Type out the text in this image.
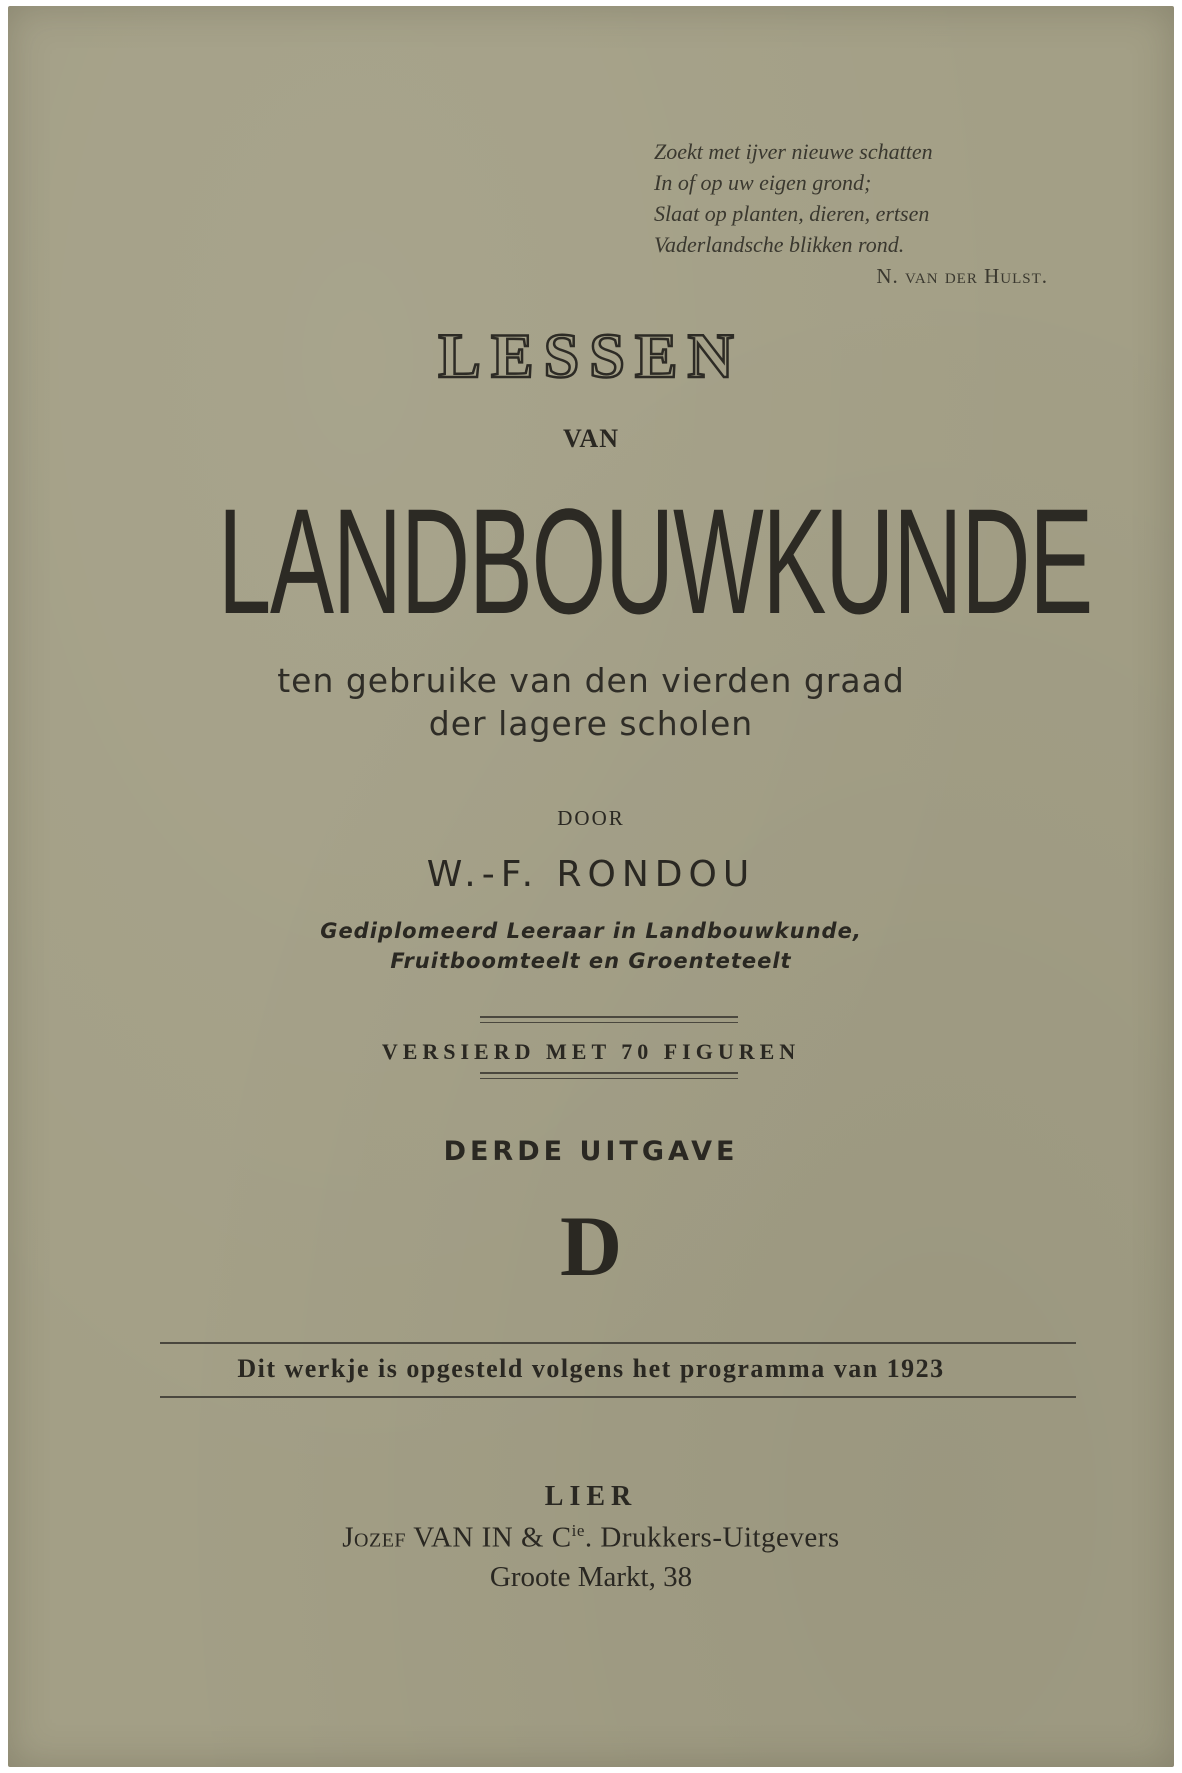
Zoekt met ijver nieuwe schatten
In of op uw eigen grond;
Slaat op planten, dieren, ertsen
Vaderlandsche blikken rond.
N. van der Hulst.
LESSEN
VAN
LANDBOUWKUNDE
ten gebruike van den vierden graad
der lagere scholen
DOOR
W.-F. RONDOU
Gediplomeerd Leeraar in Landbouwkunde,
Fruitboomteelt en Groenteteelt
VERSIERD MET 70 FIGUREN
DERDE UITGAVE
D
Dit werkje is opgesteld volgens het programma van 1923
LIER
Jozef VAN IN & $C^{ie}$. Drukkers-Uitgevers
Groote Markt, 38
